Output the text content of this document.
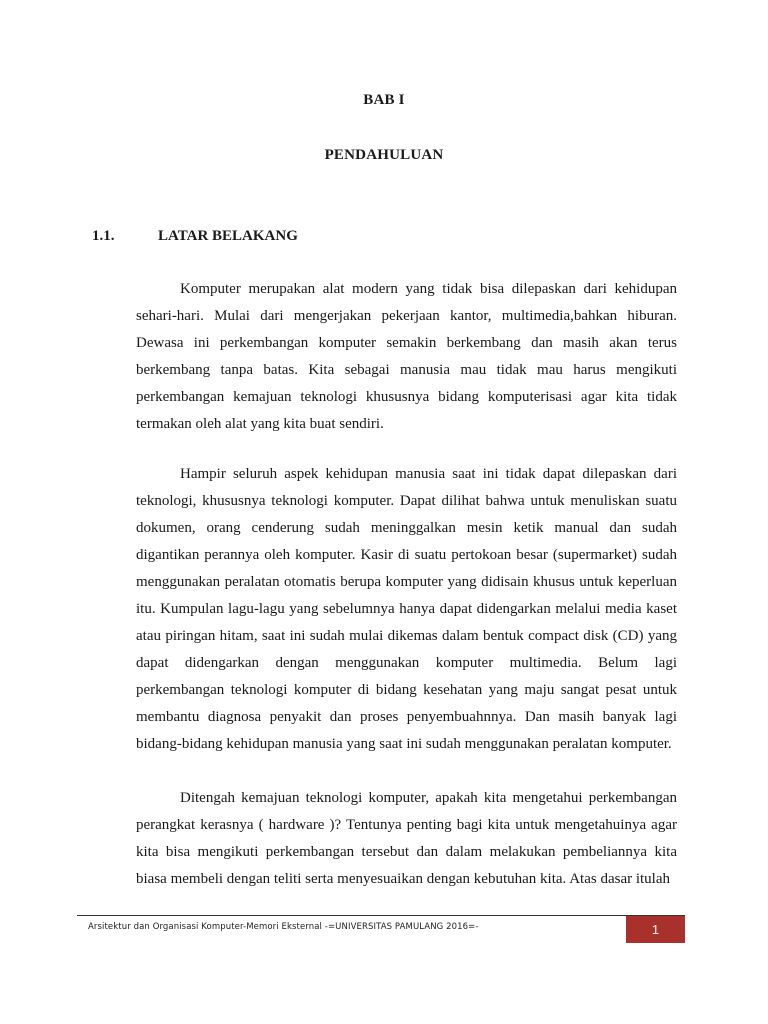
BAB I
PENDAHULUAN
1.1.	LATAR BELAKANG

Komputer merupakan alat modern yang tidak bisa dilepaskan dari kehidupan sehari-hari. Mulai dari mengerjakan pekerjaan kantor, multimedia,bahkan hiburan. Dewasa ini perkembangan komputer semakin berkembang dan masih akan terus berkembang tanpa batas. Kita sebagai manusia mau tidak mau harus mengikuti perkembangan kemajuan teknologi khususnya bidang komputerisasi agar kita tidak termakan oleh alat yang kita buat sendiri.

Hampir seluruh aspek kehidupan manusia saat ini tidak dapat dilepaskan dari teknologi, khususnya teknologi komputer. Dapat dilihat bahwa untuk menuliskan suatu dokumen, orang cenderung sudah meninggalkan mesin ketik manual dan sudah digantikan perannya oleh komputer. Kasir di suatu pertokoan besar (supermarket) sudah menggunakan peralatan otomatis berupa komputer yang didisain khusus untuk keperluan itu. Kumpulan lagu-lagu yang sebelumnya hanya dapat didengarkan melalui media kaset atau piringan hitam, saat ini sudah mulai dikemas dalam bentuk compact disk (CD) yang dapat didengarkan dengan menggunakan komputer multimedia. Belum lagi perkembangan teknologi komputer di bidang kesehatan yang maju sangat pesat untuk membantu diagnosa penyakit dan proses penyembuahnnya. Dan masih banyak lagi bidang-bidang kehidupan manusia yang saat ini sudah menggunakan peralatan komputer.

Ditengah kemajuan teknologi komputer, apakah kita mengetahui perkembangan perangkat kerasnya ( hardware )? Tentunya penting bagi kita untuk mengetahuinya agar kita bisa mengikuti perkembangan tersebut dan dalam melakukan pembeliannya kita biasa membeli dengan teliti serta menyesuaikan dengan kebutuhan kita. Atas dasar itulah

Arsitektur dan Organisasi Komputer-Memori Eksternal -=UNIVERSITAS PAMULANG 2016=-	1
